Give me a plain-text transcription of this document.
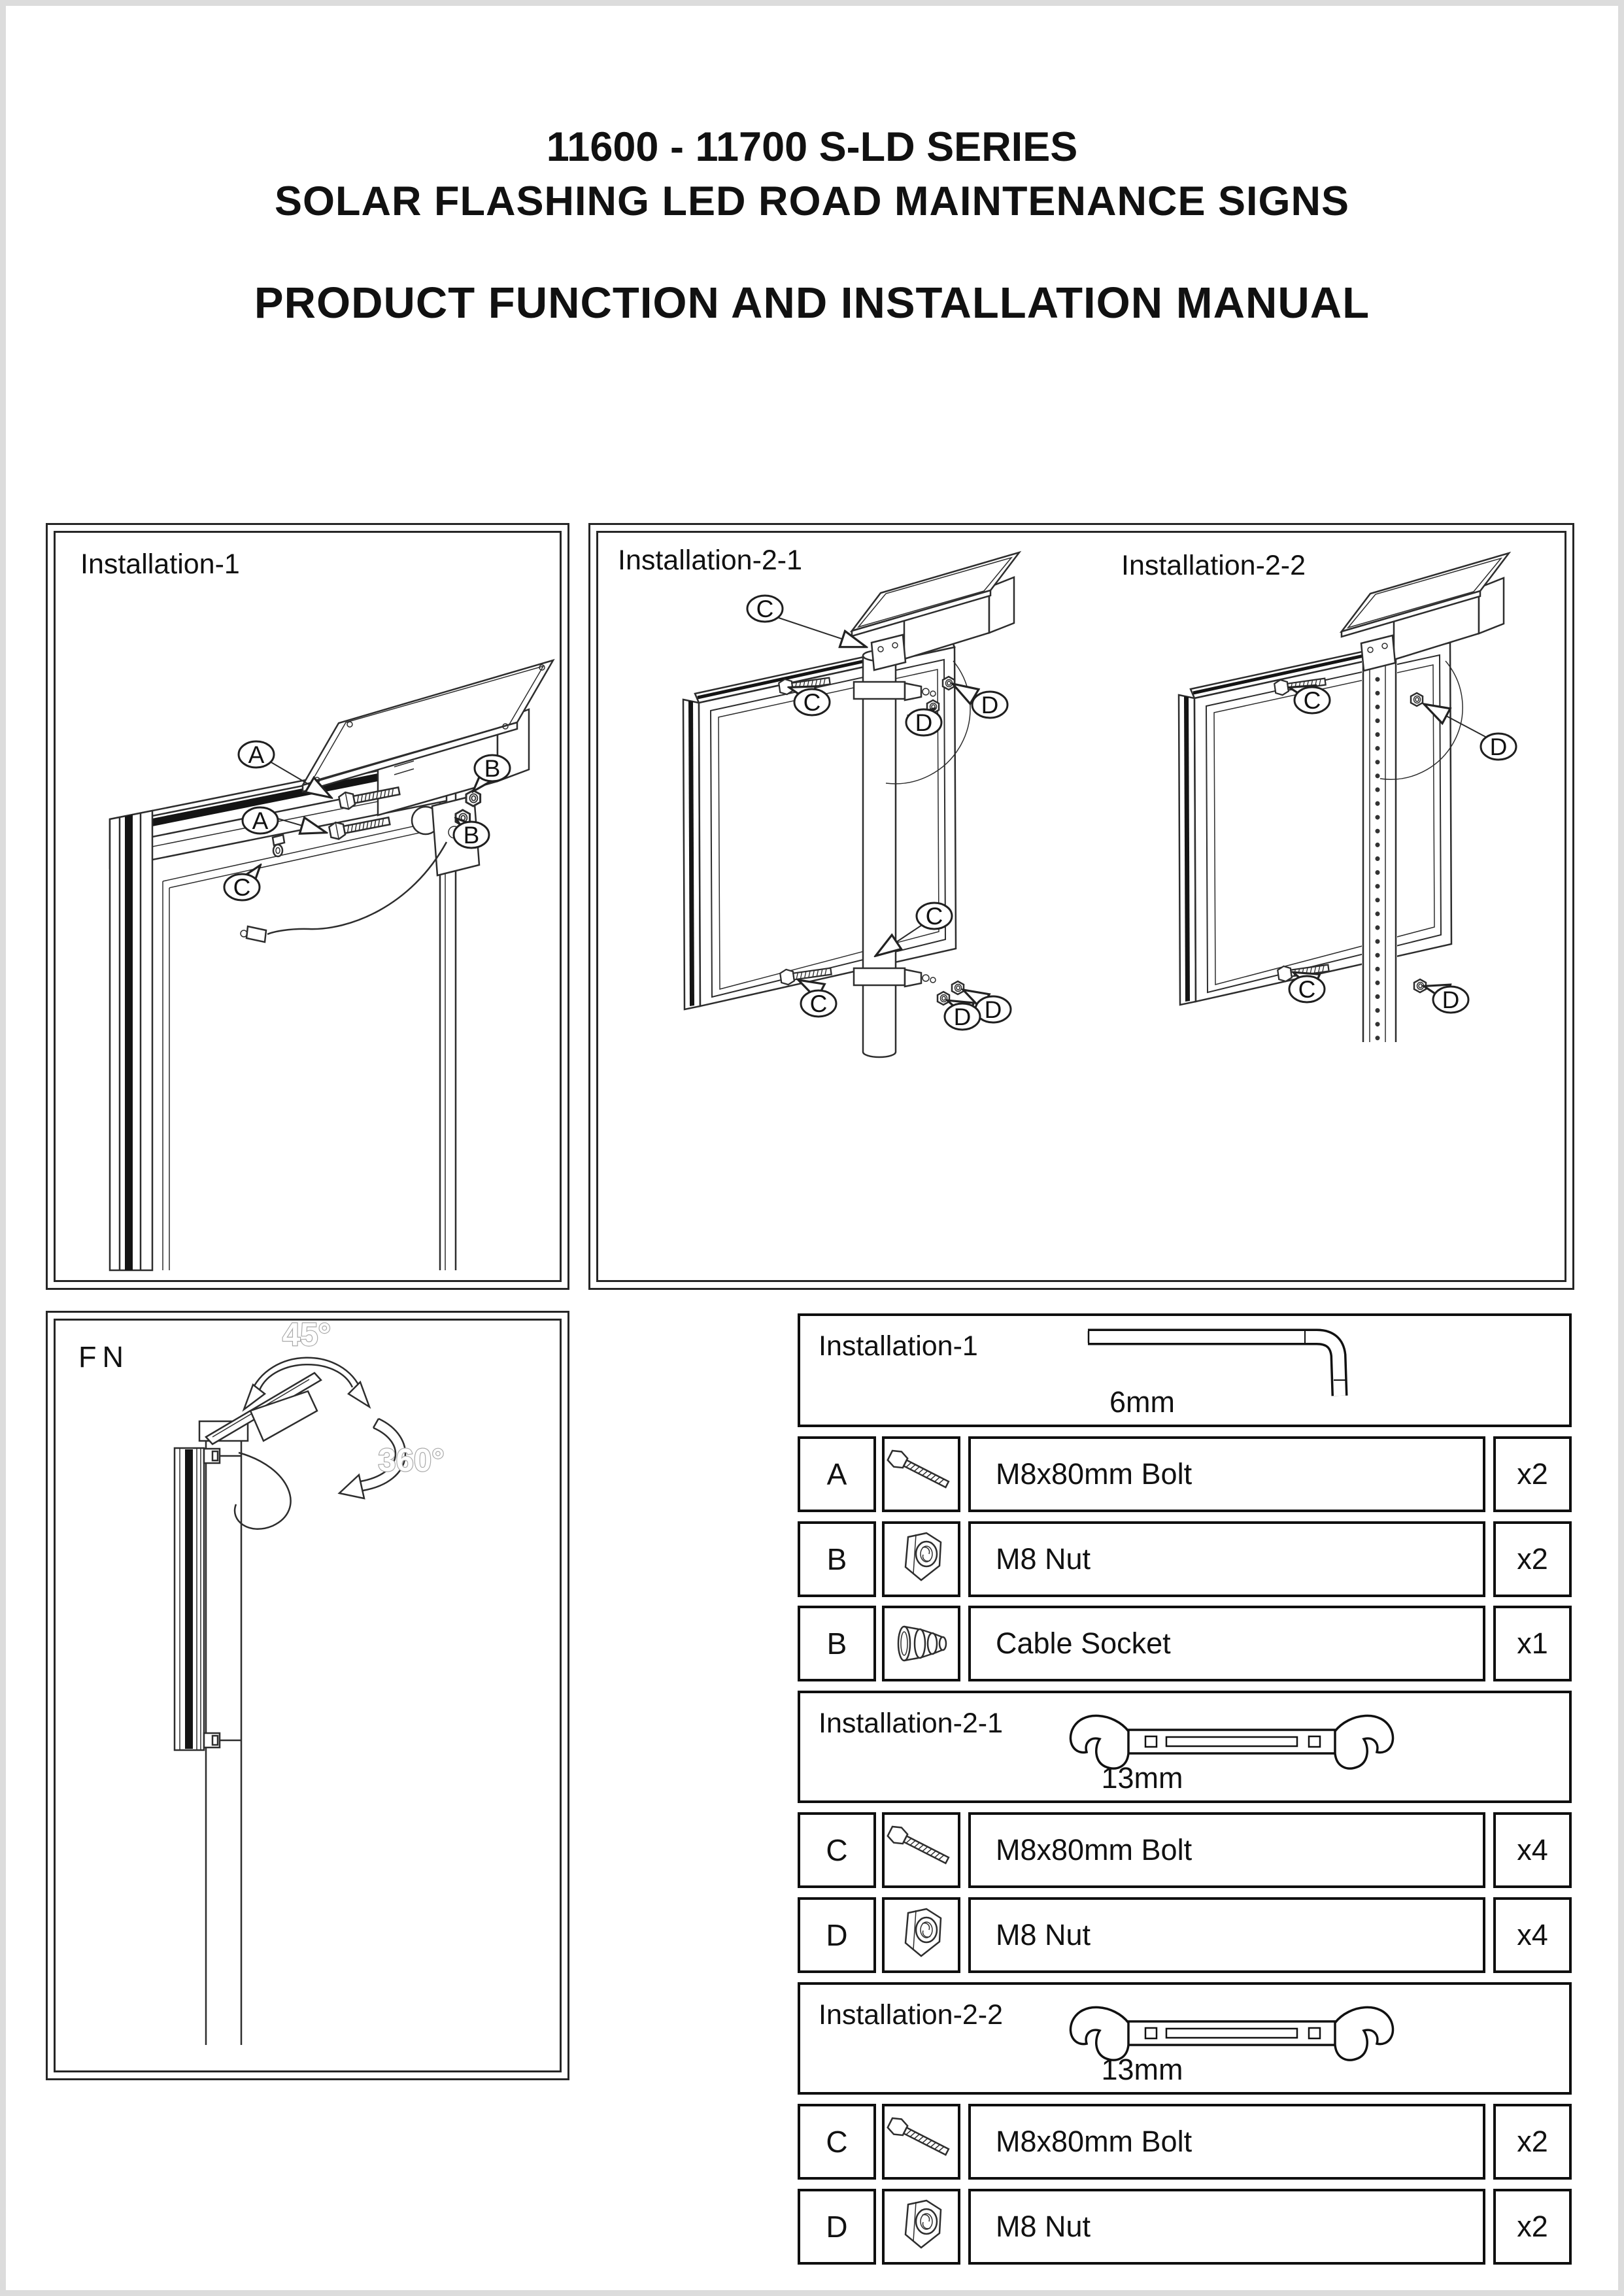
11600 - 11700 S-LD SERIES
SOLAR FLASHING LED ROAD MAINTENANCE SIGNS
PRODUCT FUNCTION AND INSTALLATION MANUAL
Installation-1
A
A
B
B
C
Installation-2-1	Installation-2-2
C
C	D
D
C
C	D
D
C
D
C	D
FN
45°
360°
Installation-1
6mm
A	M8x80mm Bolt	x2
B	M8 Nut	x2
B	Cable Socket	x1
Installation-2-1
13mm
C	M8x80mm Bolt	x4
D	M8 Nut	x4
Installation-2-2
13mm
C	M8x80mm Bolt	x2
D	M8 Nut	x2
